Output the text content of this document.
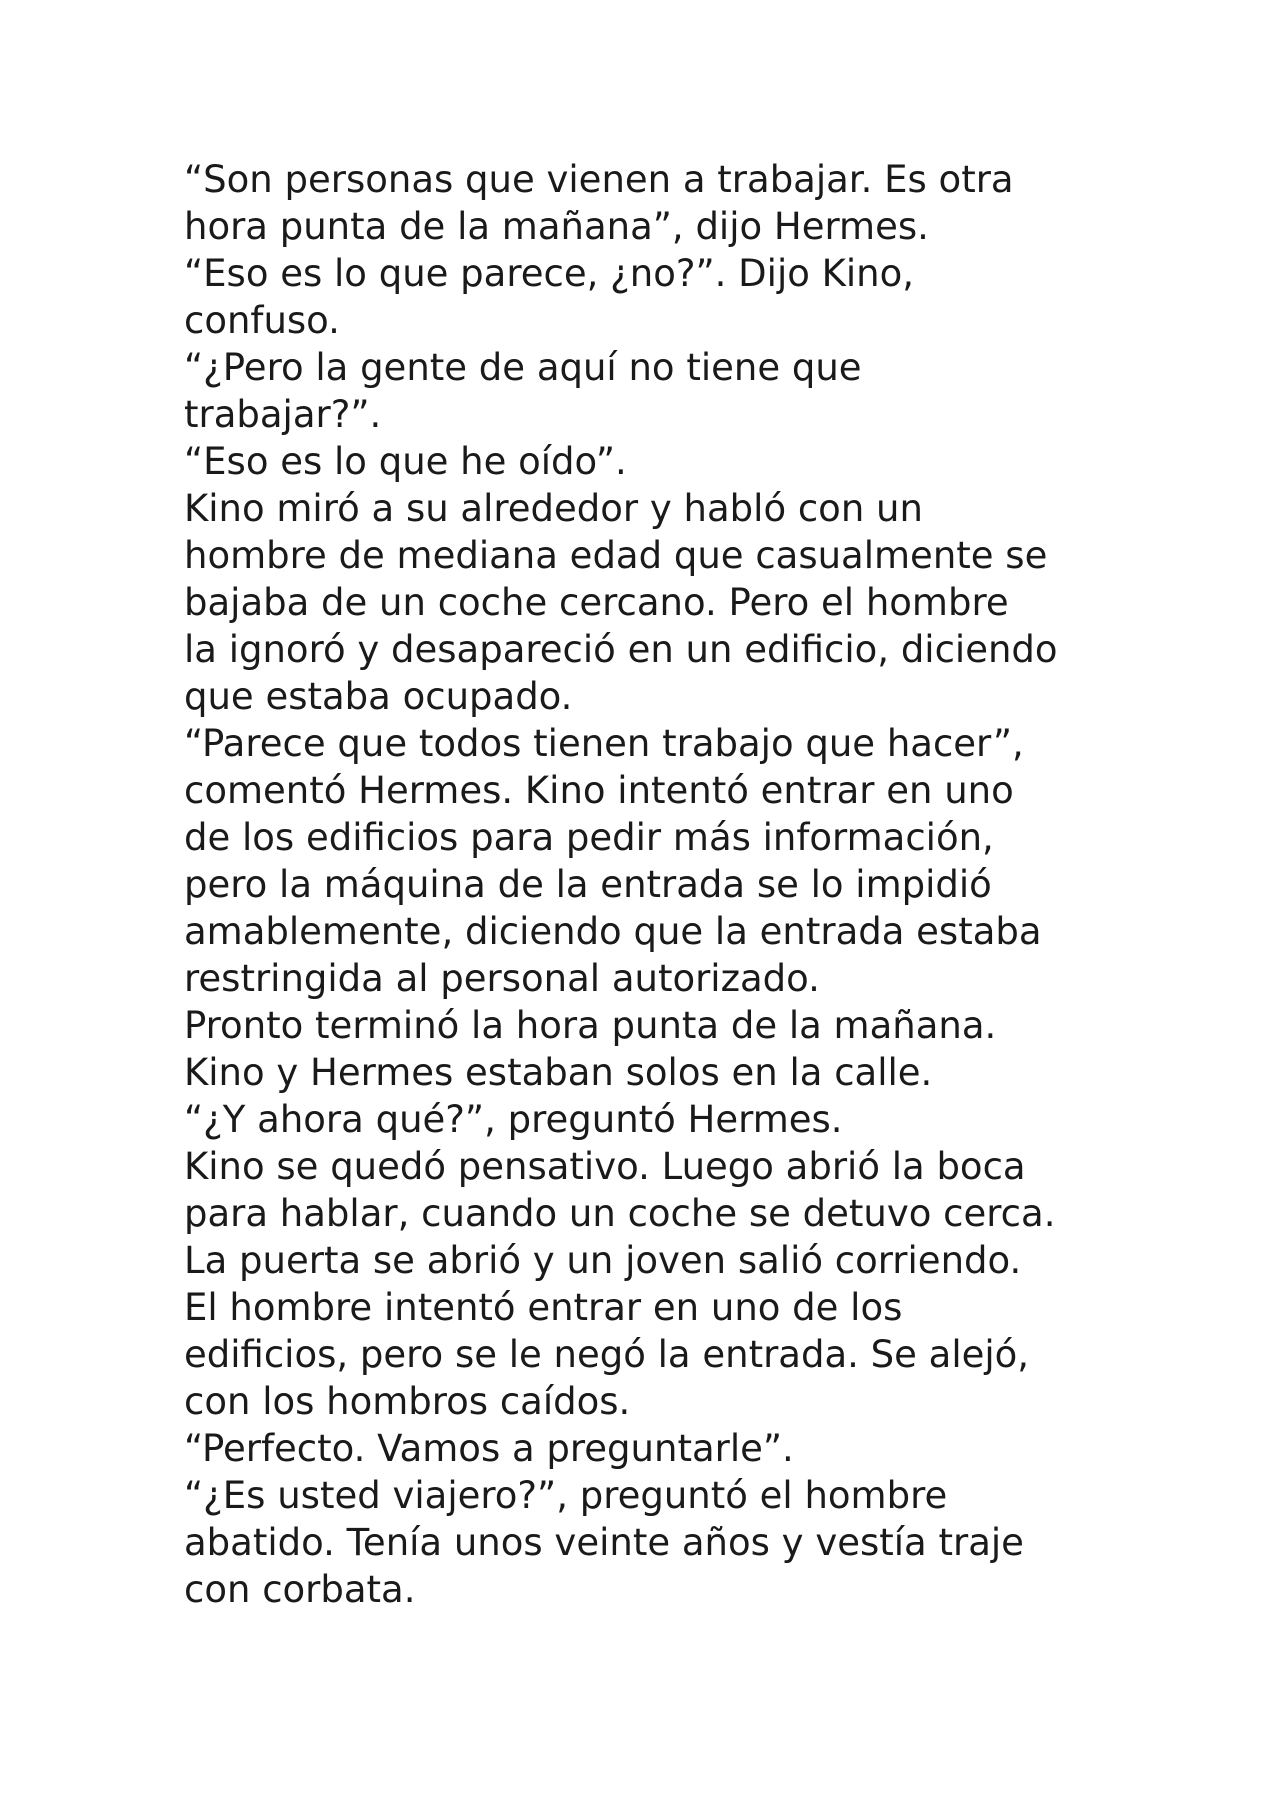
“Son personas que vienen a trabajar. Es otra
hora punta de la mañana”, dijo Hermes.
“Eso es lo que parece, ¿no?”. Dijo Kino,
confuso.
“¿Pero la gente de aquí no tiene que
trabajar?”.
“Eso es lo que he oído”.
Kino miró a su alrededor y habló con un
hombre de mediana edad que casualmente se
bajaba de un coche cercano. Pero el hombre
la ignoró y desapareció en un edificio, diciendo
que estaba ocupado.
“Parece que todos tienen trabajo que hacer”,
comentó Hermes. Kino intentó entrar en uno
de los edificios para pedir más información,
pero la máquina de la entrada se lo impidió
amablemente, diciendo que la entrada estaba
restringida al personal autorizado.
Pronto terminó la hora punta de la mañana.
Kino y Hermes estaban solos en la calle.
“¿Y ahora qué?”, preguntó Hermes.
Kino se quedó pensativo. Luego abrió la boca
para hablar, cuando un coche se detuvo cerca.
La puerta se abrió y un joven salió corriendo.
El hombre intentó entrar en uno de los
edificios, pero se le negó la entrada. Se alejó,
con los hombros caídos.
“Perfecto. Vamos a preguntarle”.
“¿Es usted viajero?”, preguntó el hombre
abatido. Tenía unos veinte años y vestía traje
con corbata.
